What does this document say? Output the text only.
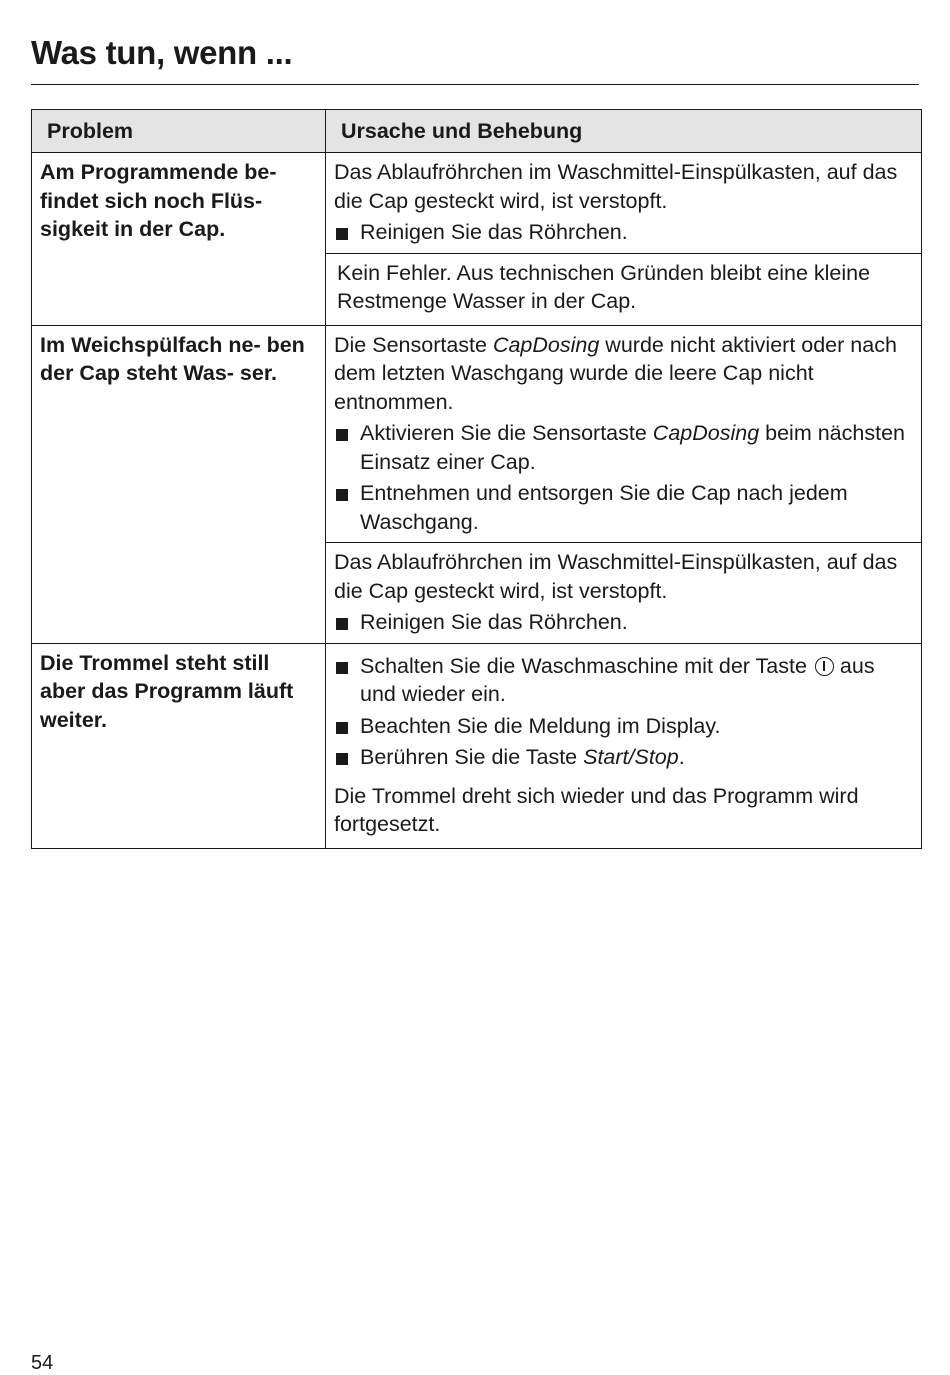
Was tun, wenn ...
Problem	Ursache und Behebung

Am Programmende be- findet sich noch Flüs- sigkeit in der Cap.	Das Ablaufröhrchen im Waschmittel-Einspülkasten, auf das die Cap gesteckt wird, ist verstopft.

Reinigen Sie das Röhrchen.

	Kein Fehler. Aus technischen Gründen bleibt eine kleine Restmenge Wasser in der Cap.

Im Weichspülfach ne- ben der Cap steht Was- ser.	Die Sensortaste CapDosing wurde nicht aktiviert oder nach dem letzten Waschgang wurde die leere Cap nicht entnommen.

Aktivieren Sie die Sensortaste CapDosing beim nächsten Einsatz einer Cap.
Entnehmen und entsorgen Sie die Cap nach jedem Waschgang.

	Das Ablaufröhrchen im Waschmittel-Einspülkasten, auf das die Cap gesteckt wird, ist verstopft.

Reinigen Sie das Röhrchen.

Die Trommel steht still aber das Programm läuft weiter.	Schalten Sie die Waschmaschine mit der Taste aus und wieder ein.
Beachten Sie die Meldung im Display.
Berühren Sie die Taste Start/Stop.

Die Trommel dreht sich wieder und das Programm wird fortgesetzt.

54
